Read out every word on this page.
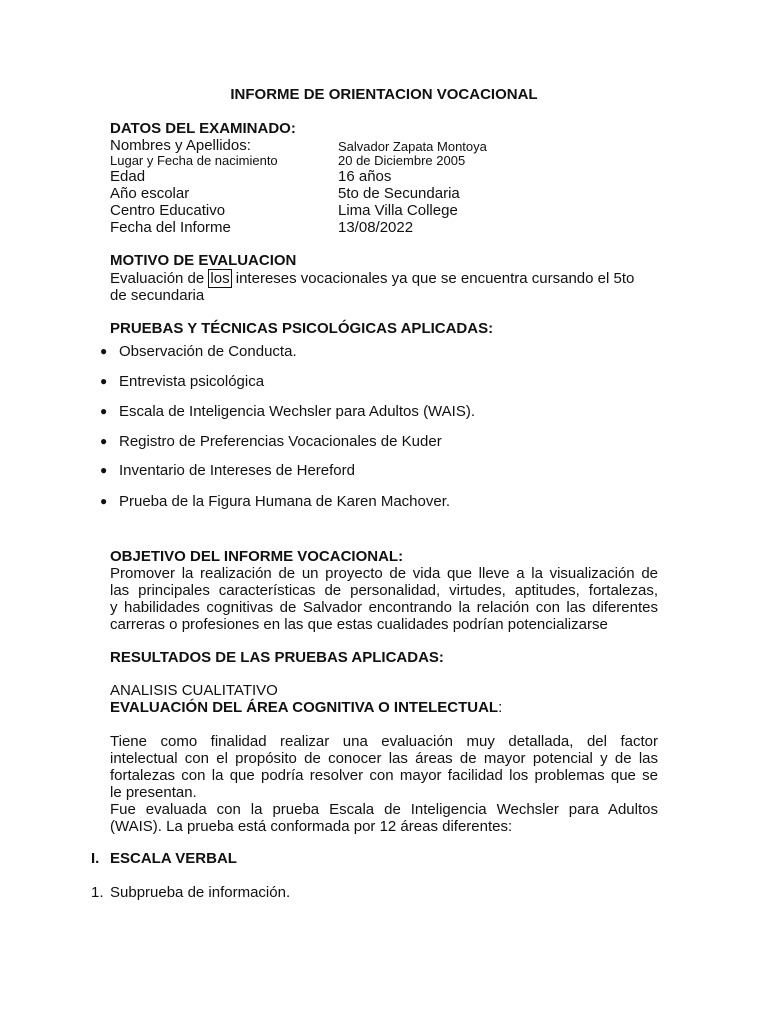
INFORME DE ORIENTACION VOCACIONAL
DATOS DEL EXAMINADO:
Nombres y Apellidos:	Salvador Zapata Montoya
Lugar y Fecha de nacimiento	20 de Diciembre 2005
Edad	16 años
Año escolar	5to de Secundaria
Centro Educativo	Lima Villa College
Fecha del Informe	13/08/2022
MOTIVO DE EVALUACION
Evaluación de los intereses vocacionales ya que se encuentra cursando el 5to
de secundaria
PRUEBAS Y TÉCNICAS PSICOLÓGICAS APLICADAS:
● Observación de Conducta.
● Entrevista psicológica
● Escala de Inteligencia Wechsler para Adultos (WAIS).
● Registro de Preferencias Vocacionales de Kuder
● Inventario de Intereses de Hereford
● Prueba de la Figura Humana de Karen Machover.
OBJETIVO DEL INFORME VOCACIONAL:
Promover la realización de un proyecto de vida que lleve a la visualización de
las principales características de personalidad, virtudes, aptitudes, fortalezas,
y habilidades cognitivas de Salvador encontrando la relación con las diferentes
carreras o profesiones en las que estas cualidades podrían potencializarse
RESULTADOS DE LAS PRUEBAS APLICADAS:
ANALISIS CUALITATIVO
EVALUACIÓN DEL ÁREA COGNITIVA O INTELECTUAL:
Tiene como finalidad realizar una evaluación muy detallada, del factor
intelectual con el propósito de conocer las áreas de mayor potencial y de las
fortalezas con la que podría resolver con mayor facilidad los problemas que se
le presentan.
Fue evaluada con la prueba Escala de Inteligencia Wechsler para Adultos
(WAIS). La prueba está conformada por 12 áreas diferentes:
I. ESCALA VERBAL
1. Subprueba de información.
